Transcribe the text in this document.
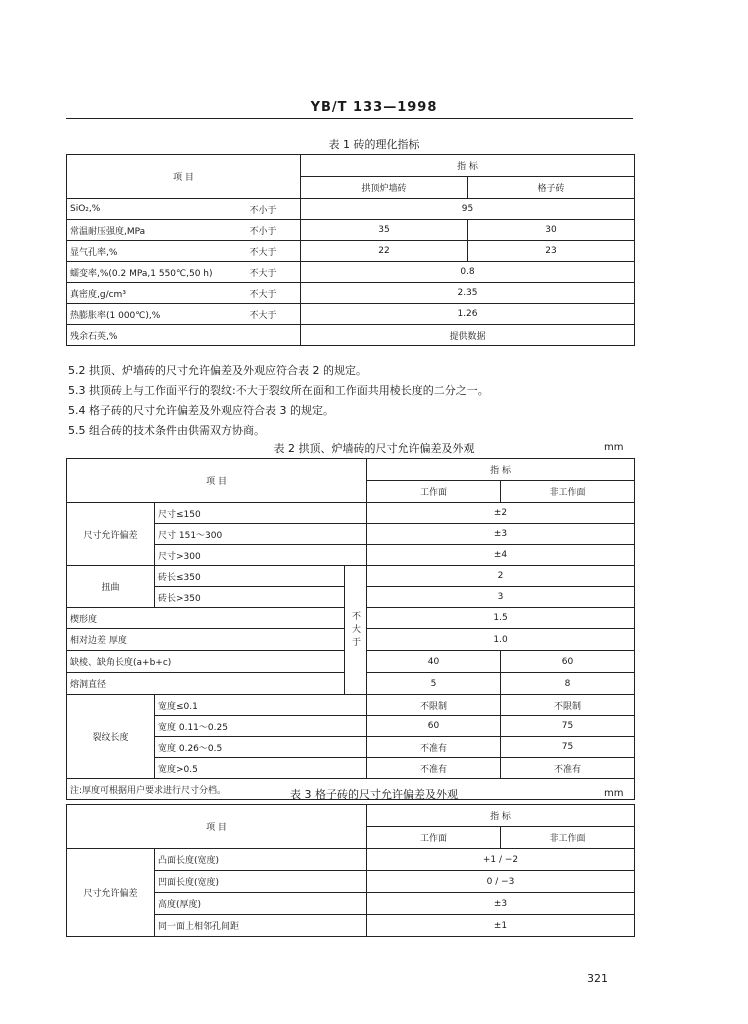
YB/T 133—1998
表 1 砖的理化指标
项 目		指 标	
		拱顶炉墙砖	格子砖
SiO₂,%	不小于	95	
常温耐压强度,MPa	不小于	35	30
显气孔率,%	不大于	22	23
蠕变率,%(0.2 MPa,1 550℃,50 h)	不大于	0.8	
真密度,g/cm³	不大于	2.35	
热膨胀率(1 000℃),%	不大于	1.26	
残余石英,%		提供数据	
5.2 拱顶、炉墙砖的尺寸允许偏差及外观应符合表 2 的规定。
5.3 拱顶砖上与工作面平行的裂纹:不大于裂纹所在面和工作面共用棱长度的二分之一。
5.4 格子砖的尺寸允许偏差及外观应符合表 3 的规定。
5.5 组合砖的技术条件由供需双方协商。
表 2 拱顶、炉墙砖的尺寸允许偏差及外观	mm
项 目			指 标	
			工作面	非工作面
尺寸允许偏差	尺寸≤150		±2	
	尺寸 151～300		±3	
	尺寸>300		±4	
扭曲	砖长≤350	不大于	2	
	砖长>350		3	
楔形度			1.5	
相对边差 厚度			1.0	
缺棱、缺角长度(a+b+c)			40	60
熔洞直径			5	8
裂纹长度	宽度≤0.1		不限制	不限制
	宽度 0.11～0.25		60	75
	宽度 0.26～0.5		不准有	75
	宽度>0.5		不准有	不准有
注:厚度可根据用户要求进行尺寸分档。					表 3 格子砖的尺寸允许偏差及外观	mm
项 目		指 标	
		工作面	非工作面
尺寸允许偏差	凸面长度(宽度)	+1 / −2	
	凹面长度(宽度)	0 / −3	
	高度(厚度)	±3	
	同一面上相邻孔间距	±1	
321
